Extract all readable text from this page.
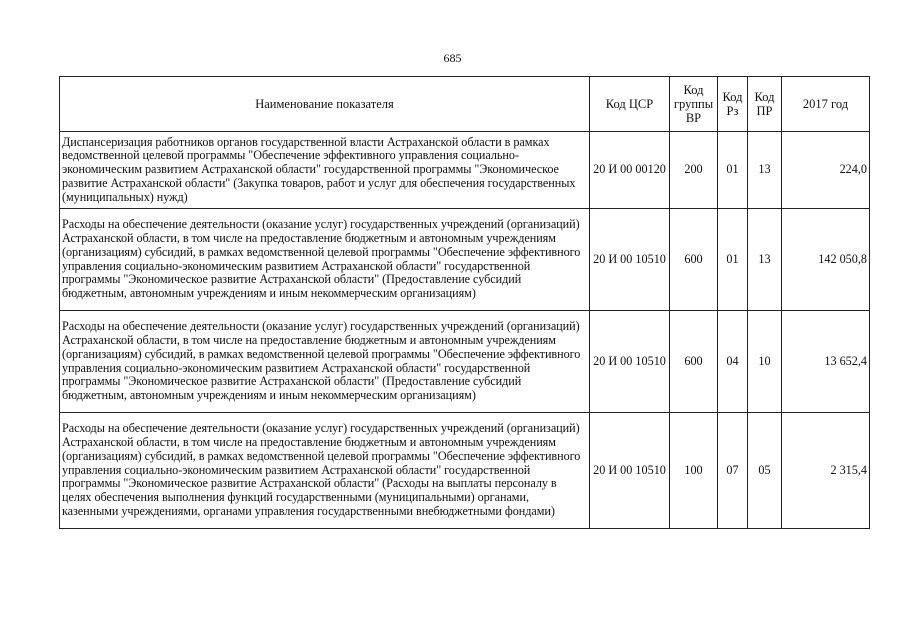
685
Наименование показателя	Код ЦСР	Код группы ВР	Код Рз	Код ПР	2017 год
Диспансеризация работников органов государственной власти Астраханской области в рамках ведомственной целевой программы "Обеспечение эффективного управления социально-экономическим развитием Астраханской области" государственной программы "Экономическое развитие Астраханской области" (Закупка товаров, работ и услуг для обеспечения государственных (муниципальных) нужд)	20 И 00 00120	200	01	13	224,0
Расходы на обеспечение деятельности (оказание услуг) государственных учреждений (организаций) Астраханской области, в том числе на предоставление бюджетным и автономным учреждениям (организациям) субсидий, в рамках ведомственной целевой программы "Обеспечение эффективного управления социально-экономическим развитием Астраханской области" государственной программы "Экономическое развитие Астраханской области" (Предоставление субсидий бюджетным, автономным учреждениям и иным некоммерческим организациям)	20 И 00 10510	600	01	13	142 050,8
Расходы на обеспечение деятельности (оказание услуг) государственных учреждений (организаций) Астраханской области, в том числе на предоставление бюджетным и автономным учреждениям (организациям) субсидий, в рамках ведомственной целевой программы "Обеспечение эффективного управления социально-экономическим развитием Астраханской области" государственной программы "Экономическое развитие Астраханской области" (Предоставление субсидий бюджетным, автономным учреждениям и иным некоммерческим организациям)	20 И 00 10510	600	04	10	13 652,4
Расходы на обеспечение деятельности (оказание услуг) государственных учреждений (организаций) Астраханской области, в том числе на предоставление бюджетным и автономным учреждениям (организациям) субсидий, в рамках ведомственной целевой программы "Обеспечение эффективного управления социально-экономическим развитием Астраханской области" государственной программы "Экономическое развитие Астраханской области" (Расходы на выплаты персоналу в целях обеспечения выполнения функций государственными (муниципальными) органами, казенными учреждениями, органами управления государственными внебюджетными фондами)	20 И 00 10510	100	07	05	2 315,4
